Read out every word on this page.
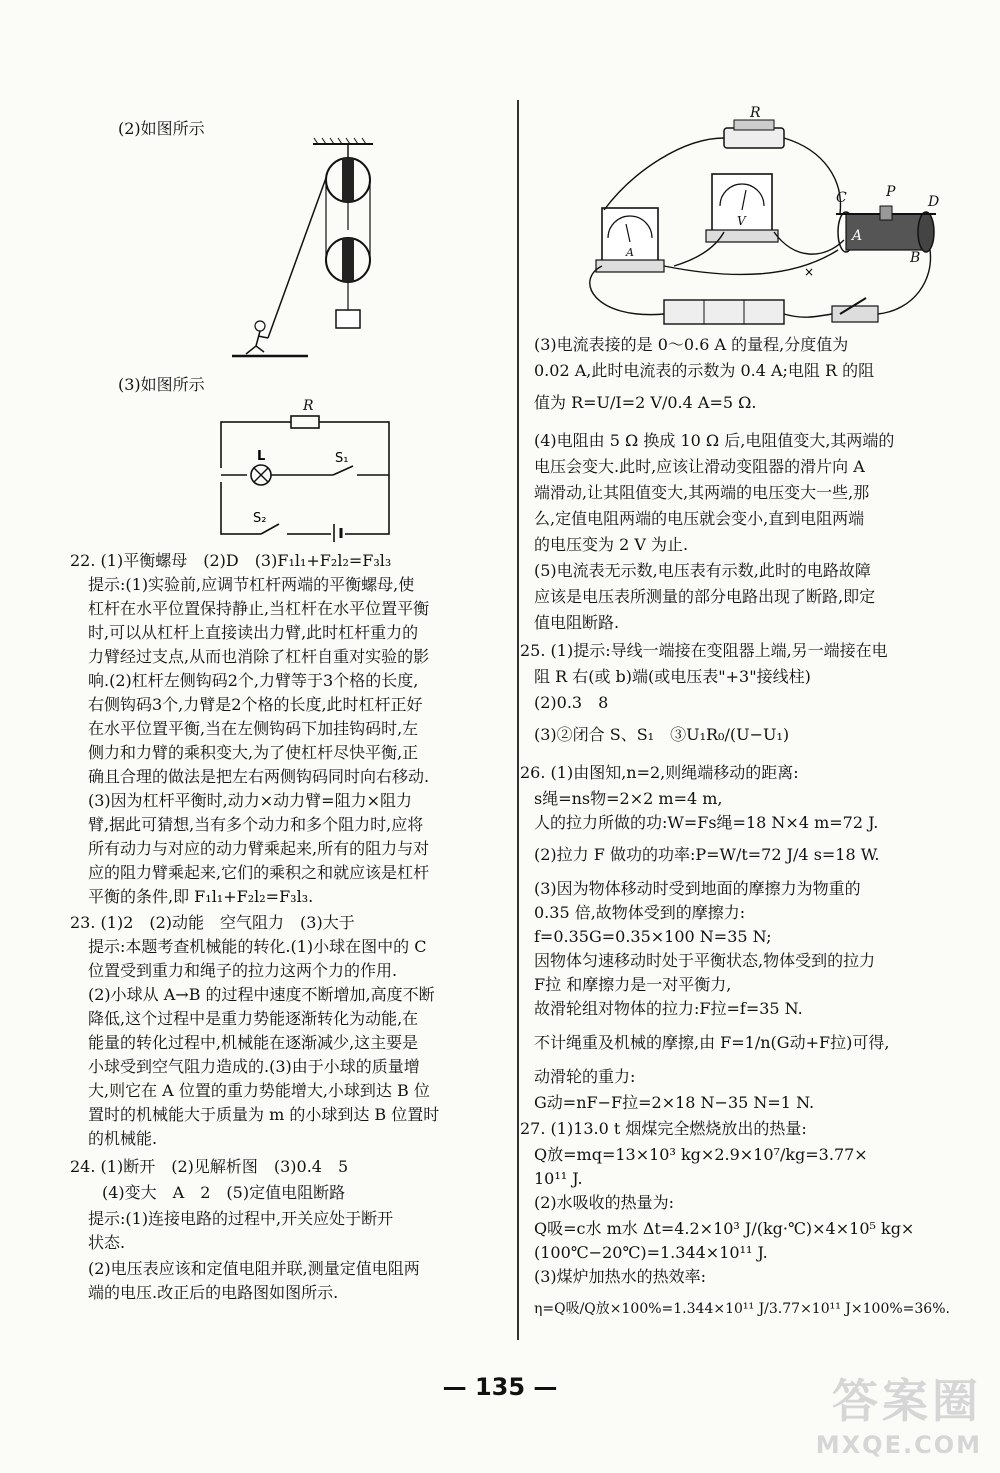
(2)如图所示
(3)如图所示
R
L	S₁
S₂
22. (1)平衡螺母　(2)D　(3)F₁l₁+F₂l₂=F₃l₃
提示:(1)实验前,应调节杠杆两端的平衡螺母,使
杠杆在水平位置保持静止,当杠杆在水平位置平衡
时,可以从杠杆上直接读出力臂,此时杠杆重力的
力臂经过支点,从而也消除了杠杆自重对实验的影
响.(2)杠杆左侧钩码2个,力臂等于3个格的长度,
右侧钩码3个,力臂是2个格的长度,此时杠杆正好
在水平位置平衡,当在左侧钩码下加挂钩码时,左
侧力和力臂的乘积变大,为了使杠杆尽快平衡,正
确且合理的做法是把左右两侧钩码同时向右移动.
(3)因为杠杆平衡时,动力×动力臂=阻力×阻力
臂,据此可猜想,当有多个动力和多个阻力时,应将
所有动力与对应的动力臂乘起来,所有的阻力与对
应的阻力臂乘起来,它们的乘积之和就应该是杠杆
平衡的条件,即 F₁l₁+F₂l₂=F₃l₃.
23. (1)2　(2)动能　空气阻力　(3)大于
提示:本题考查机械能的转化.(1)小球在图中的 C
位置受到重力和绳子的拉力这两个力的作用.
(2)小球从 A→B 的过程中速度不断增加,高度不断
降低,这个过程中是重力势能逐渐转化为动能,在
能量的转化过程中,机械能在逐渐减少,这主要是
小球受到空气阻力造成的.(3)由于小球的质量增
大,则它在 A 位置的重力势能增大,小球到达 B 位
置时的机械能大于质量为 m 的小球到达 B 位置时
的机械能.
24. (1)断开　(2)见解析图　(3)0.4　5
(4)变大　A　2　(5)定值电阻断路
提示:(1)连接电路的过程中,开关应处于断开
状态.
(2)电压表应该和定值电阻并联,测量定值电阻两
端的电压.改正后的电路图如图所示.
R
V
A
C	P
D
A
B
×
(3)电流表接的是 0～0.6 A 的量程,分度值为
0.02 A,此时电流表的示数为 0.4 A;电阻 R 的阻
值为 R=U/I=2 V/0.4 A=5 Ω.
(4)电阻由 5 Ω 换成 10 Ω 后,电阻值变大,其两端的
电压会变大.此时,应该让滑动变阻器的滑片向 A
端滑动,让其阻值变大,其两端的电压变大一些,那
么,定值电阻两端的电压就会变小,直到电阻两端
的电压变为 2 V 为止.
(5)电流表无示数,电压表有示数,此时的电路故障
应该是电压表所测量的部分电路出现了断路,即定
值电阻断路.
25. (1)提示:导线一端接在变阻器上端,另一端接在电
阻 R 右(或 b)端(或电压表"+3"接线柱)
(2)0.3　8
(3)②闭合 S、S₁　③U₁R₀/(U−U₁)
26. (1)由图知,n=2,则绳端移动的距离:
s绳=ns物=2×2 m=4 m,
人的拉力所做的功:W=Fs绳=18 N×4 m=72 J.
(2)拉力 F 做功的功率:P=W/t=72 J/4 s=18 W.
(3)因为物体移动时受到地面的摩擦力为物重的
0.35 倍,故物体受到的摩擦力:
f=0.35G=0.35×100 N=35 N;
因物体匀速移动时处于平衡状态,物体受到的拉力
F拉 和摩擦力是一对平衡力,
故滑轮组对物体的拉力:F拉=f=35 N.
不计绳重及机械的摩擦,由 F=1/n(G动+F拉)可得,
动滑轮的重力:
G动=nF−F拉=2×18 N−35 N=1 N.
27. (1)13.0 t 烟煤完全燃烧放出的热量:
Q放=mq=13×10³ kg×2.9×10⁷/kg=3.77×
10¹¹ J.
(2)水吸收的热量为:
Q吸=c水 m水 Δt=4.2×10³ J/(kg·℃)×4×10⁵ kg×
(100℃−20℃)=1.344×10¹¹ J.
(3)煤炉加热水的热效率:
η=Q吸/Q放×100%=1.344×10¹¹ J/3.77×10¹¹ J×100%=36%.
— 135 —	答案圈
MXQE.COM
